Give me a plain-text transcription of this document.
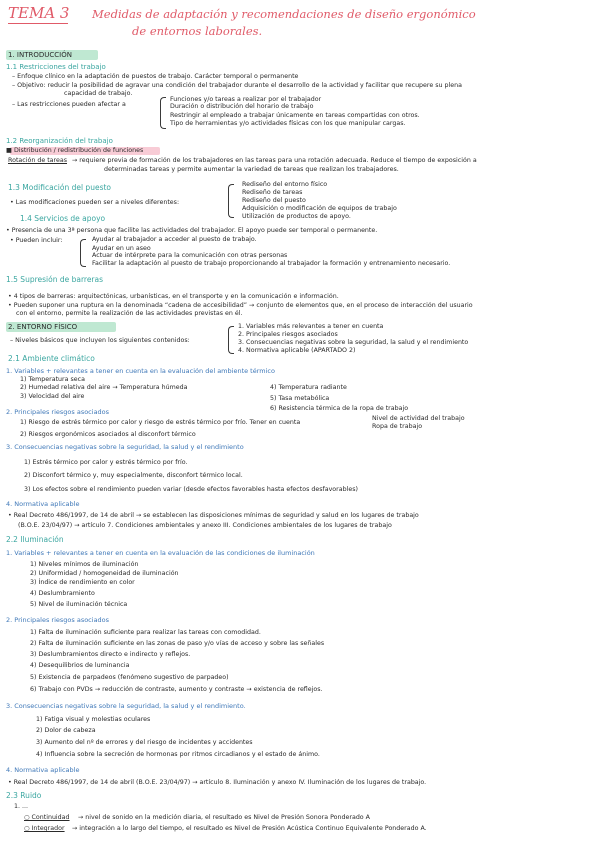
TEMA 3 Medidas de adaptación y recomendaciones de diseño ergonómico
de entornos laborales.
1. INTRODUCCIÓN
1.1 Restricciones del trabajo
– Enfoque clínico en la adaptación de puestos de trabajo. Carácter temporal o permanente
– Objetivo: reducir la posibilidad de agravar una condición del trabajador durante el desarrollo de la actividad y facilitar que recupere su plena
capacidad de trabajo.
– Las restricciones pueden afectar a
Funciones y/o tareas a realizar por el trabajador
Duración o distribución del horario de trabajo
Restringir al empleado a trabajar únicamente en tareas compartidas con otros.
Tipo de herramientas y/o actividades físicas con los que manipular cargas.
1.2 Reorganización del trabajo
■ Distribución / redistribución de funciones
Rotación de tareas → requiere previa de formación de los trabajadores en las tareas para una rotación adecuada. Reduce el tiempo de exposición a
determinadas tareas y permite aumentar la variedad de tareas que realizan los trabajadores.
1.3 Modificación del puesto
• Las modificaciones pueden ser a niveles diferentes:
Rediseño del entorno físico
Rediseño de tareas
Rediseño del puesto
Adquisición o modificación de equipos de trabajo
Utilización de productos de apoyo.
1.4 Servicios de apoyo
• Presencia de una 3ª persona que facilite las actividades del trabajador. El apoyo puede ser temporal o permanente.
• Pueden incluir:	Ayudar al trabajador a acceder al puesto de trabajo.
Ayudar en un aseo
Actuar de intérprete para la comunicación con otras personas
Facilitar la adaptación al puesto de trabajo proporcionando al trabajador la formación y entrenamiento necesario.
1.5 Supresión de barreras
• 4 tipos de barreras: arquitectónicas, urbanísticas, en el transporte y en la comunicación e información.
• Pueden suponer una ruptura en la denominada “cadena de accesibilidad” → conjunto de elementos que, en el proceso de interacción del usuario
con el entorno, permite la realización de las actividades previstas en él.
2. ENTORNO FÍSICO
– Niveles básicos que incluyen los siguientes contenidos:
1. Variables más relevantes a tener en cuenta
2. Principales riesgos asociados
3. Consecuencias negativas sobre la seguridad, la salud y el rendimiento
4. Normativa aplicable (APARTADO 2)
2.1 Ambiente climático
1. Variables + relevantes a tener en cuenta en la evaluación del ambiente térmico
1) Temperatura seca
2) Humedad relativa del aire → Temperatura húmeda
3) Velocidad del aire
4) Temperatura radiante
5) Tasa metabólica
6) Resistencia térmica de la ropa de trabajo
2. Principales riesgos asociados
1) Riesgo de estrés térmico por calor y riesgo de estrés térmico por frío. Tener en cuenta
Nivel de actividad del trabajo
Ropa de trabajo
2) Riesgos ergonómicos asociados al disconfort térmico
3. Consecuencias negativas sobre la seguridad, la salud y el rendimiento
1) Estrés térmico por calor y estrés térmico por frío.
2) Disconfort térmico y, muy especialmente, disconfort térmico local.
3) Los efectos sobre el rendimiento pueden variar (desde efectos favorables hasta efectos desfavorables)
4. Normativa aplicable
• Real Decreto 486/1997, de 14 de abril → se establecen las disposiciones mínimas de seguridad y salud en los lugares de trabajo
(B.O.E. 23/04/97) → artículo 7. Condiciones ambientales y anexo III. Condiciones ambientales de los lugares de trabajo
2.2 Iluminación
1. Variables + relevantes a tener en cuenta en la evaluación de las condiciones de iluminación
1) Niveles mínimos de iluminación
2) Uniformidad / homogeneidad de iluminación
3) Índice de rendimiento en color
4) Deslumbramiento
5) Nivel de iluminación técnica
2. Principales riesgos asociados
1) Falta de iluminación suficiente para realizar las tareas con comodidad.
2) Falta de iluminación suficiente en las zonas de paso y/o vías de acceso y sobre las señales
3) Deslumbramientos directo e indirecto y reflejos.
4) Desequilibrios de luminancia
5) Existencia de parpadeos (fenómeno sugestivo de parpadeo)
6) Trabajo con PVDs → reducción de contraste, aumento y contraste → existencia de reflejos.
3. Consecuencias negativas sobre la seguridad, la salud y el rendimiento.
1) Fatiga visual y molestias oculares
2) Dolor de cabeza
3) Aumento del nº de errores y del riesgo de incidentes y accidentes
4) Influencia sobre la secreción de hormonas por ritmos circadianos y el estado de ánimo.
4. Normativa aplicable
• Real Decreto 486/1997, de 14 de abril (B.O.E. 23/04/97) → artículo 8. Iluminación y anexo IV. Iluminación de los lugares de trabajo.
2.3 Ruido
1. ...
○ Continuidad → nivel de sonido en la medición diaria, el resultado es Nivel de Presión Sonora Ponderado A
○ Integrador → integración a lo largo del tiempo, el resultado es Nivel de Presión Acústica Continuo Equivalente Ponderado A.
